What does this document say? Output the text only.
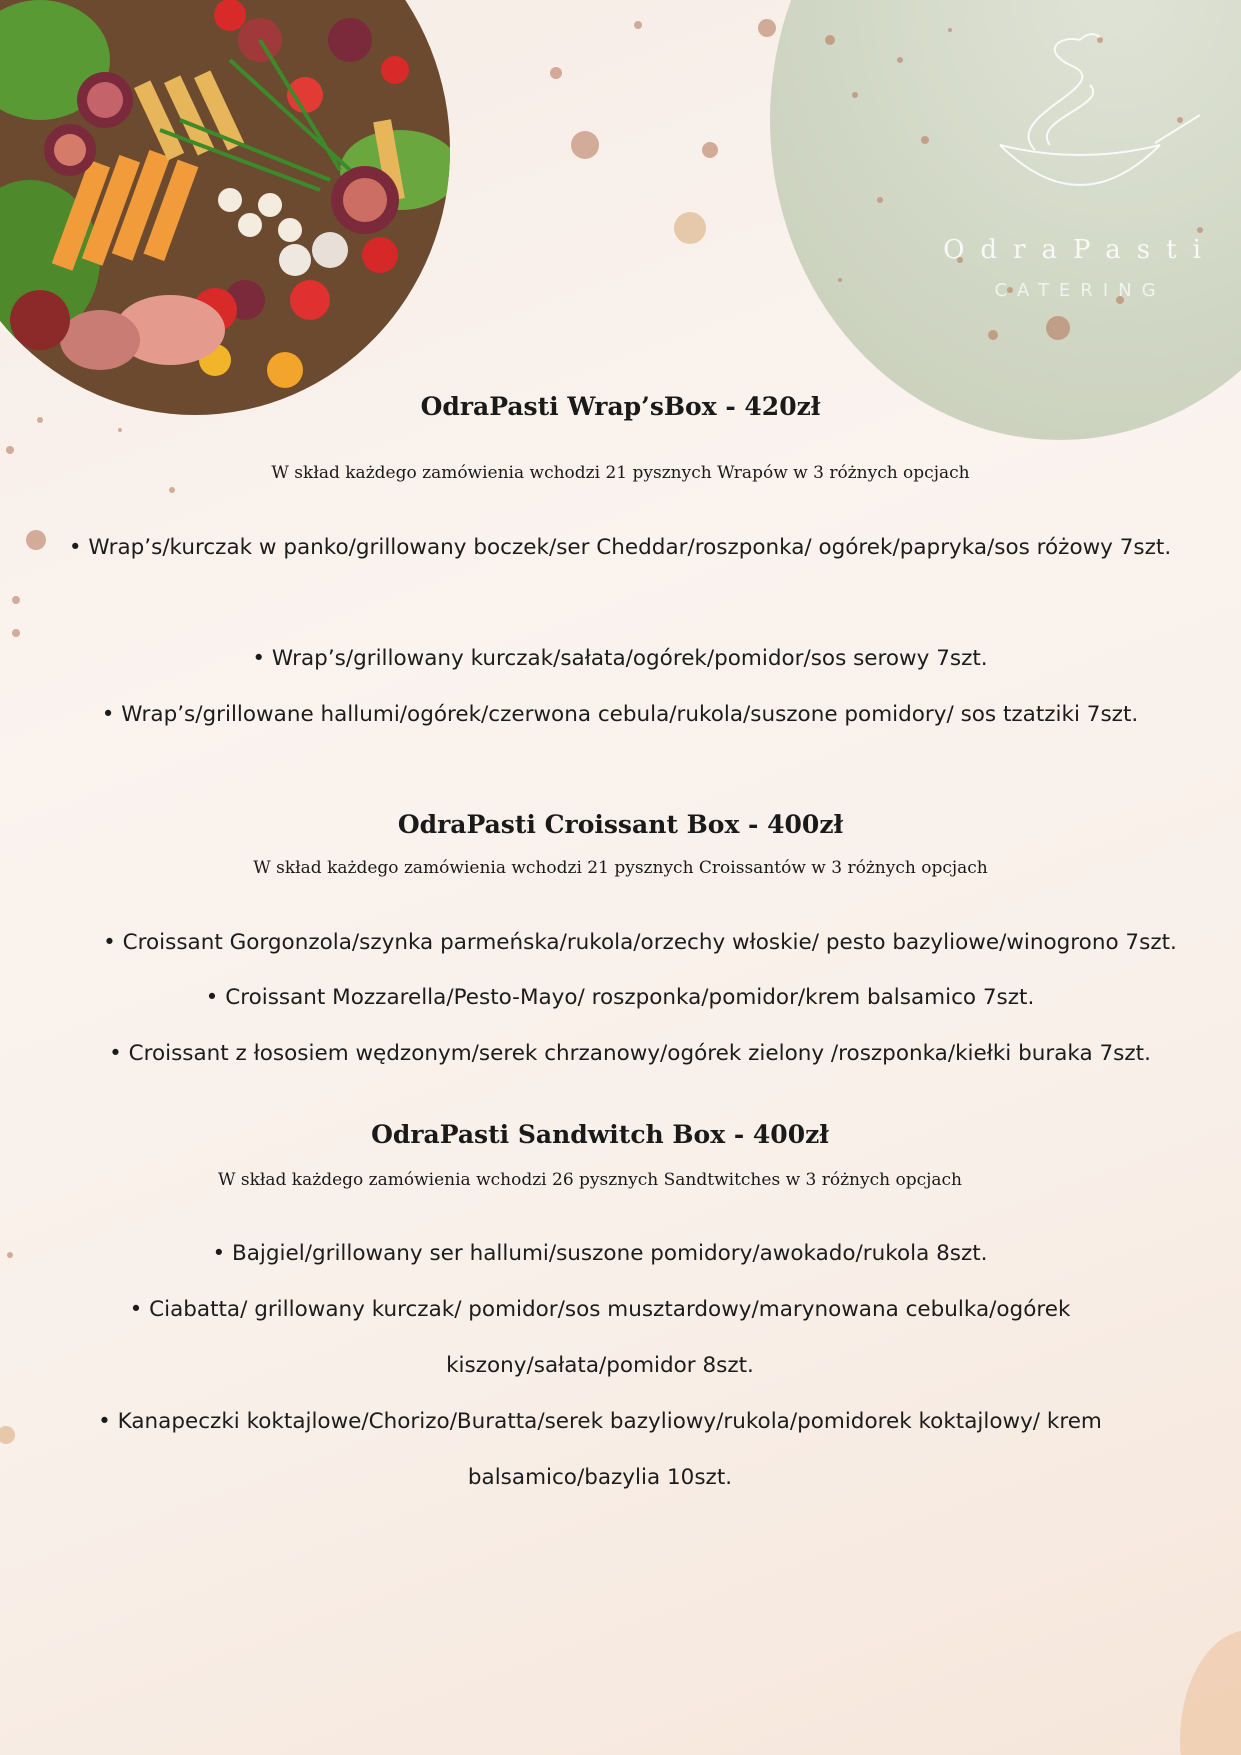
OdraPasti
CATERING
OdraPasti Wrap’sBox - 420zł

W skład każdego zamówienia wchodzi 21 pysznych Wrapów w 3 różnych opcjach

• Wrap’s/kurczak w panko/grillowany boczek/ser Cheddar/roszponka/ ogórek/papryka/sos różowy 7szt.

• Wrap’s/grillowany kurczak/sałata/ogórek/pomidor/sos serowy 7szt.

• Wrap’s/grillowane hallumi/ogórek/czerwona cebula/rukola/suszone pomidory/ sos tzatziki 7szt.

OdraPasti Croissant Box - 400zł

W skład każdego zamówienia wchodzi 21 pysznych Croissantów w 3 różnych opcjach

• Croissant Gorgonzola/szynka parmeńska/rukola/orzechy włoskie/ pesto bazyliowe/winogrono 7szt.

• Croissant Mozzarella/Pesto-Mayo/ roszponka/pomidor/krem balsamico 7szt.

• Croissant z łososiem wędzonym/serek chrzanowy/ogórek zielony /roszponka/kiełki buraka 7szt.

OdraPasti Sandwitch Box - 400zł

W skład każdego zamówienia wchodzi 26 pysznych Sandtwitches w 3 różnych opcjach

• Bajgiel/grillowany ser hallumi/suszone pomidory/awokado/rukola 8szt.

• Ciabatta/ grillowany kurczak/ pomidor/sos musztardowy/marynowana cebulka/ogórek kiszony/sałata/pomidor 8szt.

• Kanapeczki koktajlowe/Chorizo/Buratta/serek bazyliowy/rukola/pomidorek koktajlowy/ krem balsamico/bazylia 10szt.
